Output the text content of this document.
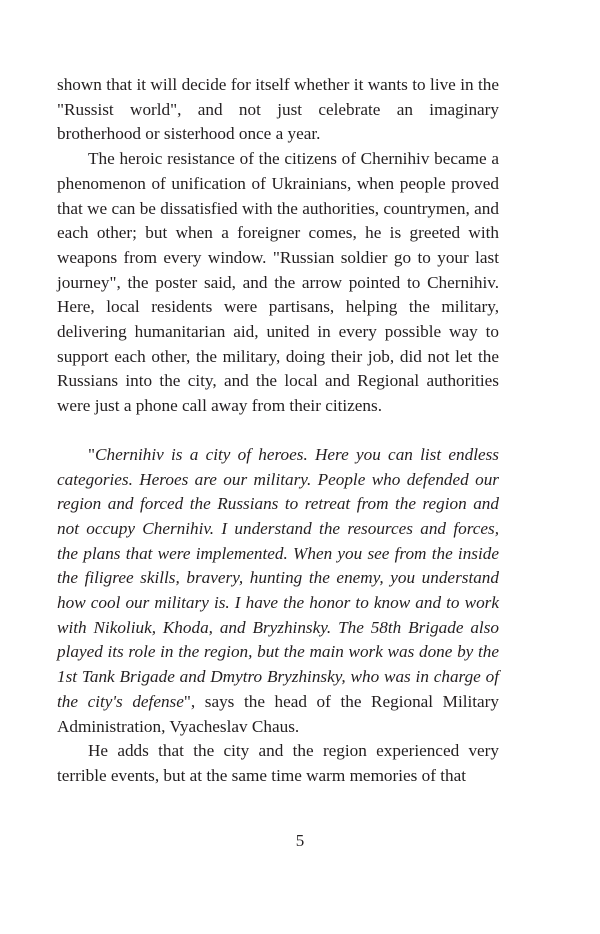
shown that it will decide for itself whether it wants to live in the "Russist world", and not just celebrate an imaginary brotherhood or sisterhood once a year.

The heroic resistance of the citizens of Chernihiv became a phenomenon of unification of Ukrainians, when people proved that we can be dissatisfied with the authorities, countrymen, and each other; but when a foreigner comes, he is greeted with weapons from every window. "Russian soldier go to your last journey", the poster said, and the arrow pointed to Chernihiv. Here, local residents were partisans, helping the military, delivering humanitarian aid, united in every possible way to support each other, the military, doing their job, did not let the Russians into the city, and the local and Regional authorities were just a phone call away from their citizens.

"Chernihiv is a city of heroes. Here you can list endless categories. Heroes are our military. People who defended our region and forced the Russians to retreat from the region and not occupy Chernihiv. I understand the resources and forces, the plans that were implemented. When you see from the inside the filigree skills, bravery, hunting the enemy, you understand how cool our military is. I have the honor to know and to work with Nikoliuk, Khoda, and Bryzhinsky. The 58th Brigade also played its role in the region, but the main work was done by the 1st Tank Brigade and Dmytro Bryzhinsky, who was in charge of the city's defense", says the head of the Regional Military Administration, Vyacheslav Chaus.

He adds that the city and the region experienced very terrible events, but at the same time warm memories of that

5
